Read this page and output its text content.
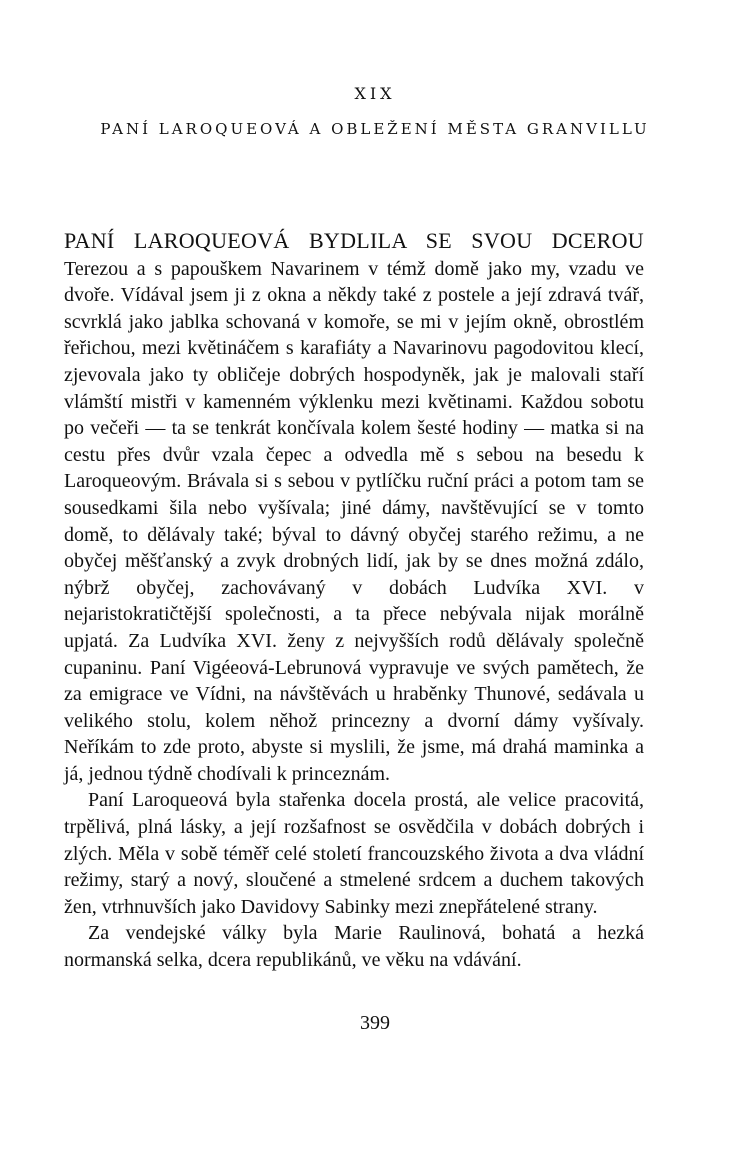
XIX
PANÍ LAROQUEOVÁ A OBLEŽENÍ MĚSTA GRANVILLU

PANÍ LAROQUEOVÁ BYDLILA SE SVOU DCEROU Terezou a s papouškem Navarinem v témž domě jako my, vzadu ve dvoře. Vídával jsem ji z okna a někdy také z postele a její zdravá tvář, scvrklá jako jablka schovaná v komoře, se mi v jejím okně, obrostlém řeřichou, mezi květináčem s karafiáty a Navarinovu pagodovitou klecí, zjevovala jako ty obličeje dobrých hospodyněk, jak je malovali staří vlámští mistři v kamenném výklenku mezi květinami. Každou sobotu po večeři — ta se tenkrát končívala kolem šesté hodiny — matka si na cestu přes dvůr vzala čepec a odvedla mě s sebou na besedu k Laroqueovým. Brávala si s sebou v pytlíčku ruční práci a potom tam se sousedkami šila nebo vyšívala; jiné dámy, navštěvující se v tomto domě, to dělávaly také; býval to dávný obyčej starého režimu, a ne obyčej měšťanský a zvyk drobných lidí, jak by se dnes možná zdálo, nýbrž obyčej, zachovávaný v dobách Ludvíka XVI. v nejaristokratičtější společnosti, a ta přece nebývala nijak morálně upjatá. Za Ludvíka XVI. ženy z nejvyšších rodů dělávaly společně cupaninu. Paní Vigéeová-Lebrunová vypravuje ve svých pamětech, že za emigrace ve Vídni, na návštěvách u hraběnky Thunové, sedávala u velikého stolu, kolem něhož princezny a dvorní dámy vyšívaly. Neříkám to zde proto, abyste si myslili, že jsme, má drahá maminka a já, jednou týdně chodívali k princeznám.

Paní Laroqueová byla stařenka docela prostá, ale velice pracovitá, trpělivá, plná lásky, a její rozšafnost se osvědčila v dobách dobrých i zlých. Měla v sobě téměř celé století francouzského života a dva vládní režimy, starý a nový, sloučené a stmelené srdcem a duchem takových žen, vtrhnuvších jako Davidovy Sabinky mezi znepřátelené strany.

Za vendejské války byla Marie Raulinová, bohatá a hezká normanská selka, dcera republikánů, ve věku na vdávání.

399
